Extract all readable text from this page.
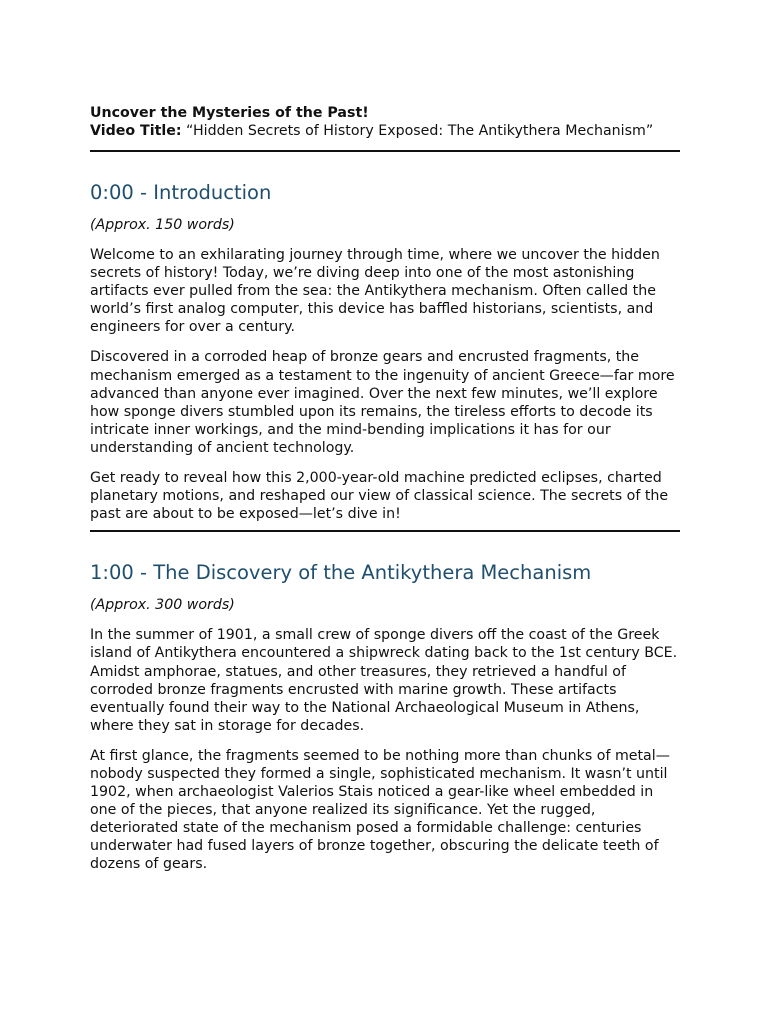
Uncover the Mysteries of the Past!

Video Title: “Hidden Secrets of History Exposed: The Antikythera Mechanism”

0:00 - Introduction

(Approx. 150 words)

Welcome to an exhilarating journey through time, where we uncover the hidden secrets of history! Today, we’re diving deep into one of the most astonishing artifacts ever pulled from the sea: the Antikythera mechanism. Often called the world’s first analog computer, this device has baffled historians, scientists, and engineers for over a century.

Discovered in a corroded heap of bronze gears and encrusted fragments, the mechanism emerged as a testament to the ingenuity of ancient Greece—far more advanced than anyone ever imagined. Over the next few minutes, we’ll explore how sponge divers stumbled upon its remains, the tireless efforts to decode its intricate inner workings, and the mind-bending implications it has for our understanding of ancient technology.

Get ready to reveal how this 2,000-year-old machine predicted eclipses, charted planetary motions, and reshaped our view of classical science. The secrets of the past are about to be exposed—let’s dive in!

1:00 - The Discovery of the Antikythera Mechanism

(Approx. 300 words)

In the summer of 1901, a small crew of sponge divers off the coast of the Greek island of Antikythera encountered a shipwreck dating back to the 1st century BCE. Amidst amphorae, statues, and other treasures, they retrieved a handful of corroded bronze fragments encrusted with marine growth. These artifacts eventually found their way to the National Archaeological Museum in Athens, where they sat in storage for decades.

At first glance, the fragments seemed to be nothing more than chunks of metal—nobody suspected they formed a single, sophisticated mechanism. It wasn’t until 1902, when archaeologist Valerios Stais noticed a gear-like wheel embedded in one of the pieces, that anyone realized its significance. Yet the rugged, deteriorated state of the mechanism posed a formidable challenge: centuries underwater had fused layers of bronze together, obscuring the delicate teeth of dozens of gears.
